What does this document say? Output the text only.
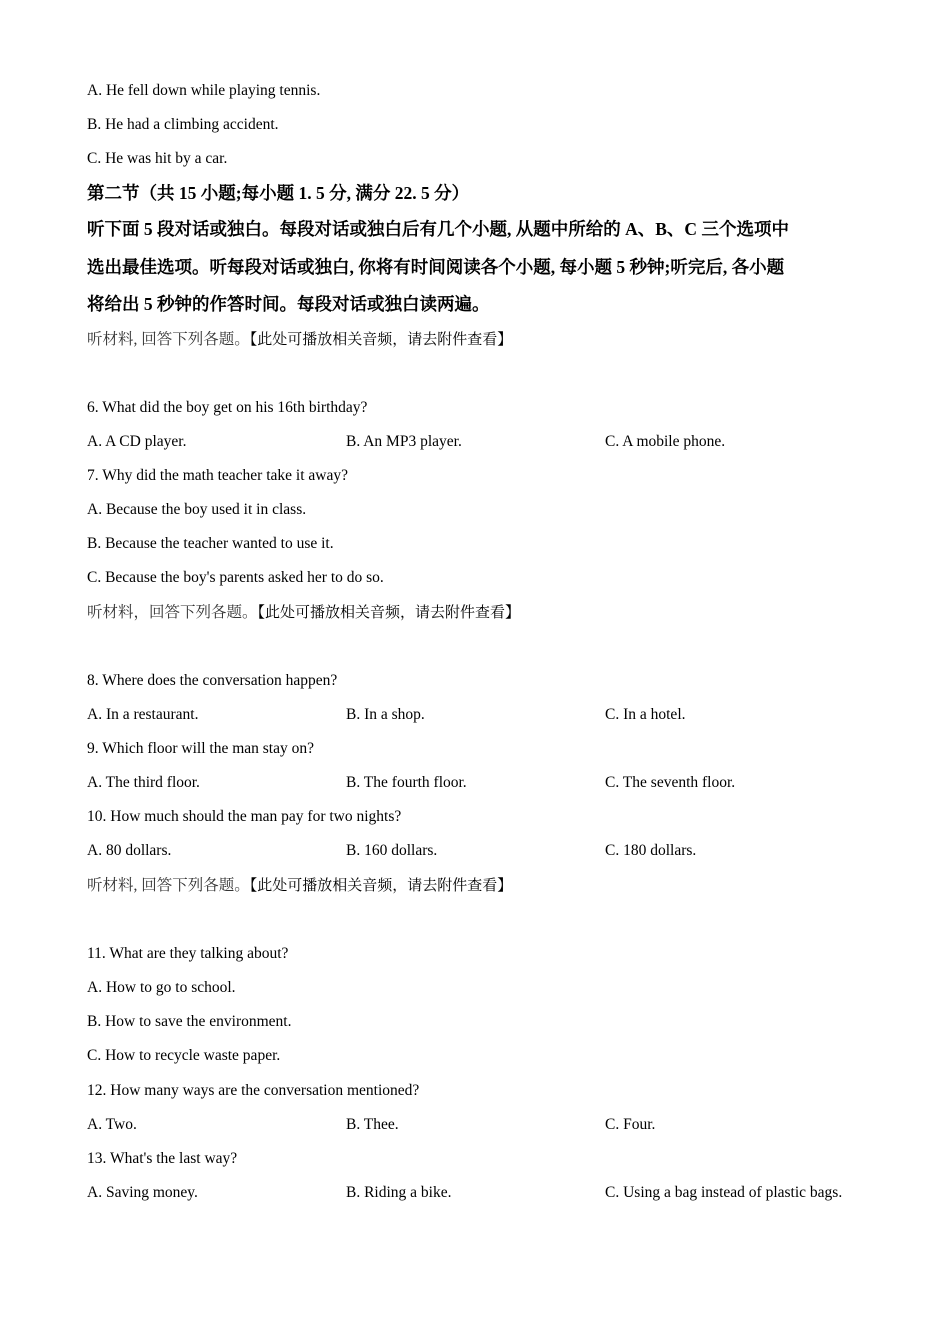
A. He fell down while playing tennis.
B. He had a climbing accident.
C. He was hit by a car.
第二节（共 15 小题;每小题 1. 5 分, 满分 22. 5 分）
听下面 5 段对话或独白。每段对话或独白后有几个小题, 从题中所给的 A、B、C 三个选项中
选出最佳选项。听每段对话或独白, 你将有时间阅读各个小题, 每小题 5 秒钟;听完后, 各小题
将给出 5 秒钟的作答时间。每段对话或独白读两遍。
听材料, 回答下列各题。【此处可播放相关音频，请去附件查看】
6. What did the boy get on his 16th birthday?
A. A CD player.	B. An MP3 player.	C. A mobile phone.
7. Why did the math teacher take it away?
A. Because the boy used it in class.
B. Because the teacher wanted to use it.
C. Because the boy's parents asked her to do so.
听材料，回答下列各题。【此处可播放相关音频，请去附件查看】
8. Where does the conversation happen?
A. In a restaurant.	B. In a shop.	C. In a hotel.
9. Which floor will the man stay on?
A. The third floor.	B. The fourth floor.	C. The seventh floor.
10. How much should the man pay for two nights?
A. 80 dollars.	B. 160 dollars.	C. 180 dollars.
听材料, 回答下列各题。【此处可播放相关音频，请去附件查看】
11. What are they talking about?
A. How to go to school.
B. How to save the environment.
C. How to recycle waste paper.
12. How many ways are the conversation mentioned?
A. Two.	B. Thee.	C. Four.
13. What's the last way?
A. Saving money.	B. Riding a bike.	C. Using a bag instead of plastic bags.
